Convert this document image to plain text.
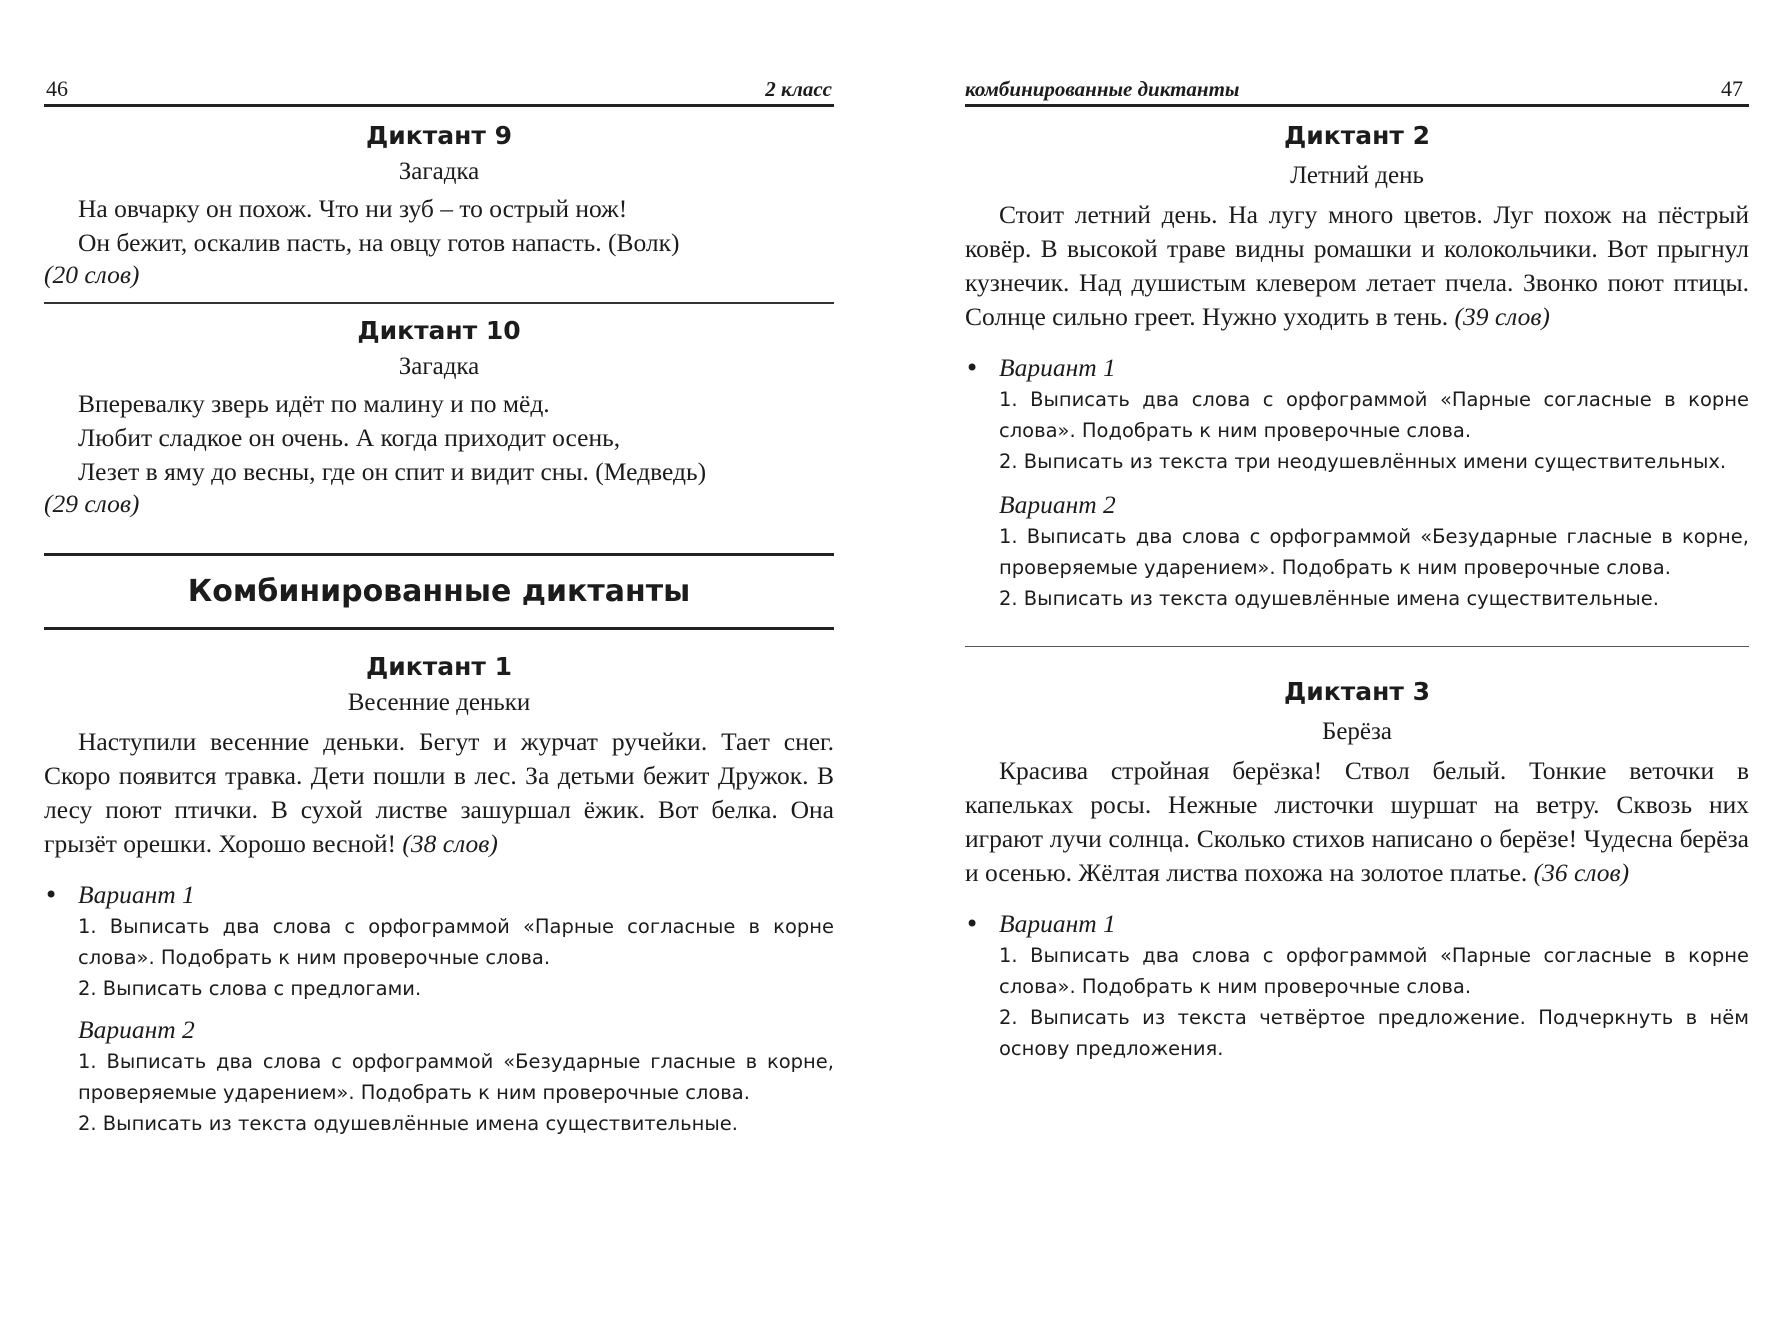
46	2 класс
Диктант 9
Загадка
На овчарку он похож. Что ни зуб – то острый нож!
Он бежит, оскалив пасть, на овцу готов напасть. (Волк)
(20 слов)
Диктант 10
Загадка
Вперевалку зверь идёт по малину и по мёд.
Любит сладкое он очень. А когда приходит осень,
Лезет в яму до весны, где он спит и видит сны. (Медведь)
(29 слов)
Комбинированные диктанты
Диктант 1
Весенние деньки
Наступили весенние деньки. Бегут и журчат ручейки. Тает снег. Скоро появится травка. Дети пошли в лес. За детьми бежит Дружок. В лесу поют птички. В сухой листве зашуршал ёжик. Вот белка. Она грызёт орешки. Хорошо весной! (38 слов)
• Вариант 1
1. Выписать два слова с орфограммой «Парные согласные в корне слова». Подобрать к ним проверочные слова.
2. Выписать слова с предлогами.
Вариант 2
1. Выписать два слова с орфограммой «Безударные гласные в корне, проверяемые ударением». Подобрать к ним проверочные слова.
2. Выписать из текста одушевлённые имена существительные.
комбинированные диктанты	47
Диктант 2
Летний день
Стоит летний день. На лугу много цветов. Луг похож на пёстрый ковёр. В высокой траве видны ромашки и колокольчики. Вот прыгнул кузнечик. Над душистым клевером летает пчела. Звонко поют птицы. Солнце сильно греет. Нужно уходить в тень. (39 слов)
• Вариант 1
1. Выписать два слова с орфограммой «Парные согласные в корне слова». Подобрать к ним проверочные слова.
2. Выписать из текста три неодушевлённых имени существительных.
Вариант 2
1. Выписать два слова с орфограммой «Безударные гласные в корне, проверяемые ударением». Подобрать к ним проверочные слова.
2. Выписать из текста одушевлённые имена существительные.
Диктант 3
Берёза
Красива стройная берёзка! Ствол белый. Тонкие веточки в капельках росы. Нежные листочки шуршат на ветру. Сквозь них играют лучи солнца. Сколько стихов написано о берёзе! Чудесна берёза и осенью. Жёлтая листва похожа на золотое платье. (36 слов)
• Вариант 1
1. Выписать два слова с орфограммой «Парные согласные в корне слова». Подобрать к ним проверочные слова.
2. Выписать из текста четвёртое предложение. Подчеркнуть в нём основу предложения.
